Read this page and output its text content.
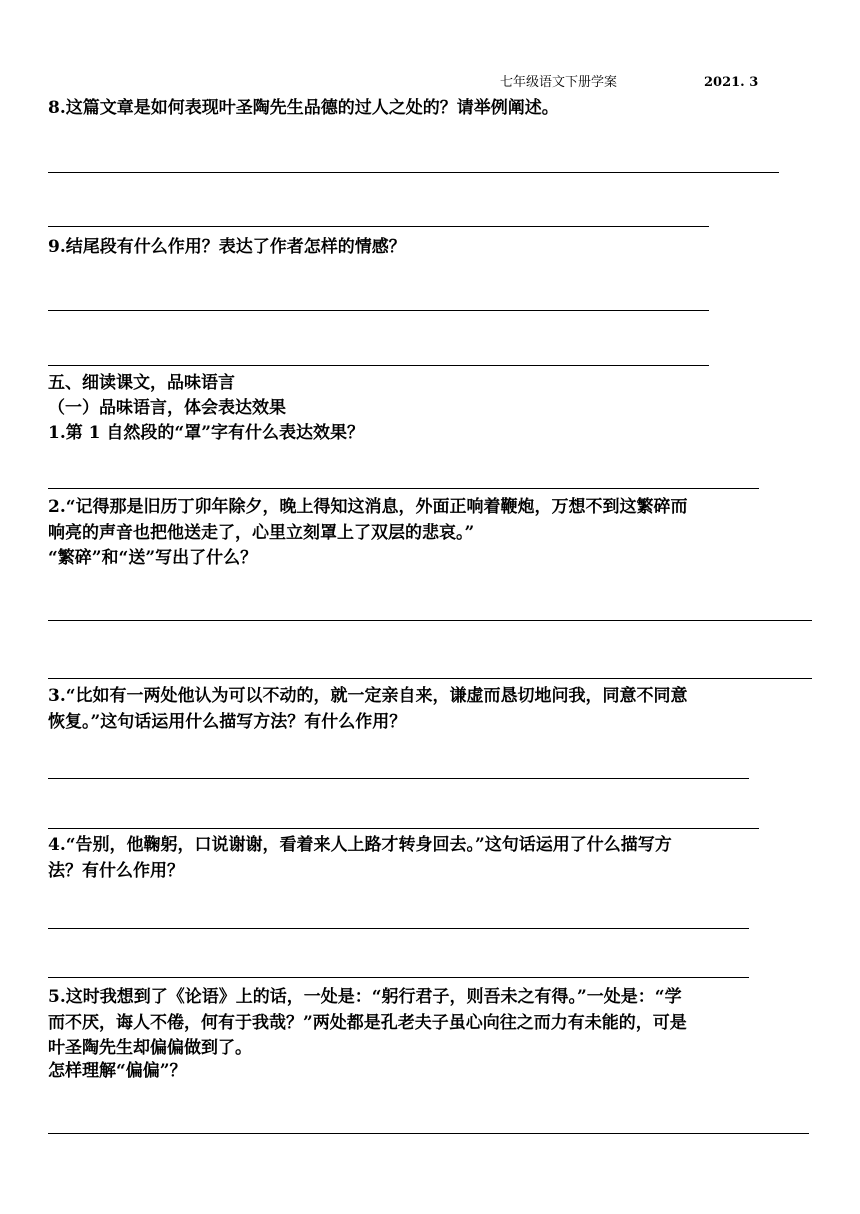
七年级语文下册学案	2021. 3
8.这篇文章是如何表现叶圣陶先生品德的过人之处的？请举例阐述。
9.结尾段有什么作用？表达了作者怎样的情感？
五、细读课文，品味语言
（一）品味语言，体会表达效果
1.第 1 自然段的“罩”字有什么表达效果？
2.“记得那是旧历丁卯年除夕，晚上得知这消息，外面正响着鞭炮，万想不到这繁碎而
响亮的声音也把他送走了，心里立刻罩上了双层的悲哀。”
“繁碎”和“送”写出了什么？
3.“比如有一两处他认为可以不动的，就一定亲自来，谦虚而恳切地问我，同意不同意
恢复。”这句话运用什么描写方法？有什么作用？
4.“告别，他鞠躬，口说谢谢，看着来人上路才转身回去。”这句话运用了什么描写方
法？有什么作用？
5.这时我想到了《论语》上的话，一处是：“躬行君子，则吾未之有得。”一处是：“学
而不厌，诲人不倦，何有于我哉？”两处都是孔老夫子虽心向往之而力有未能的，可是
叶圣陶先生却偏偏做到了。
怎样理解“偏偏”？
